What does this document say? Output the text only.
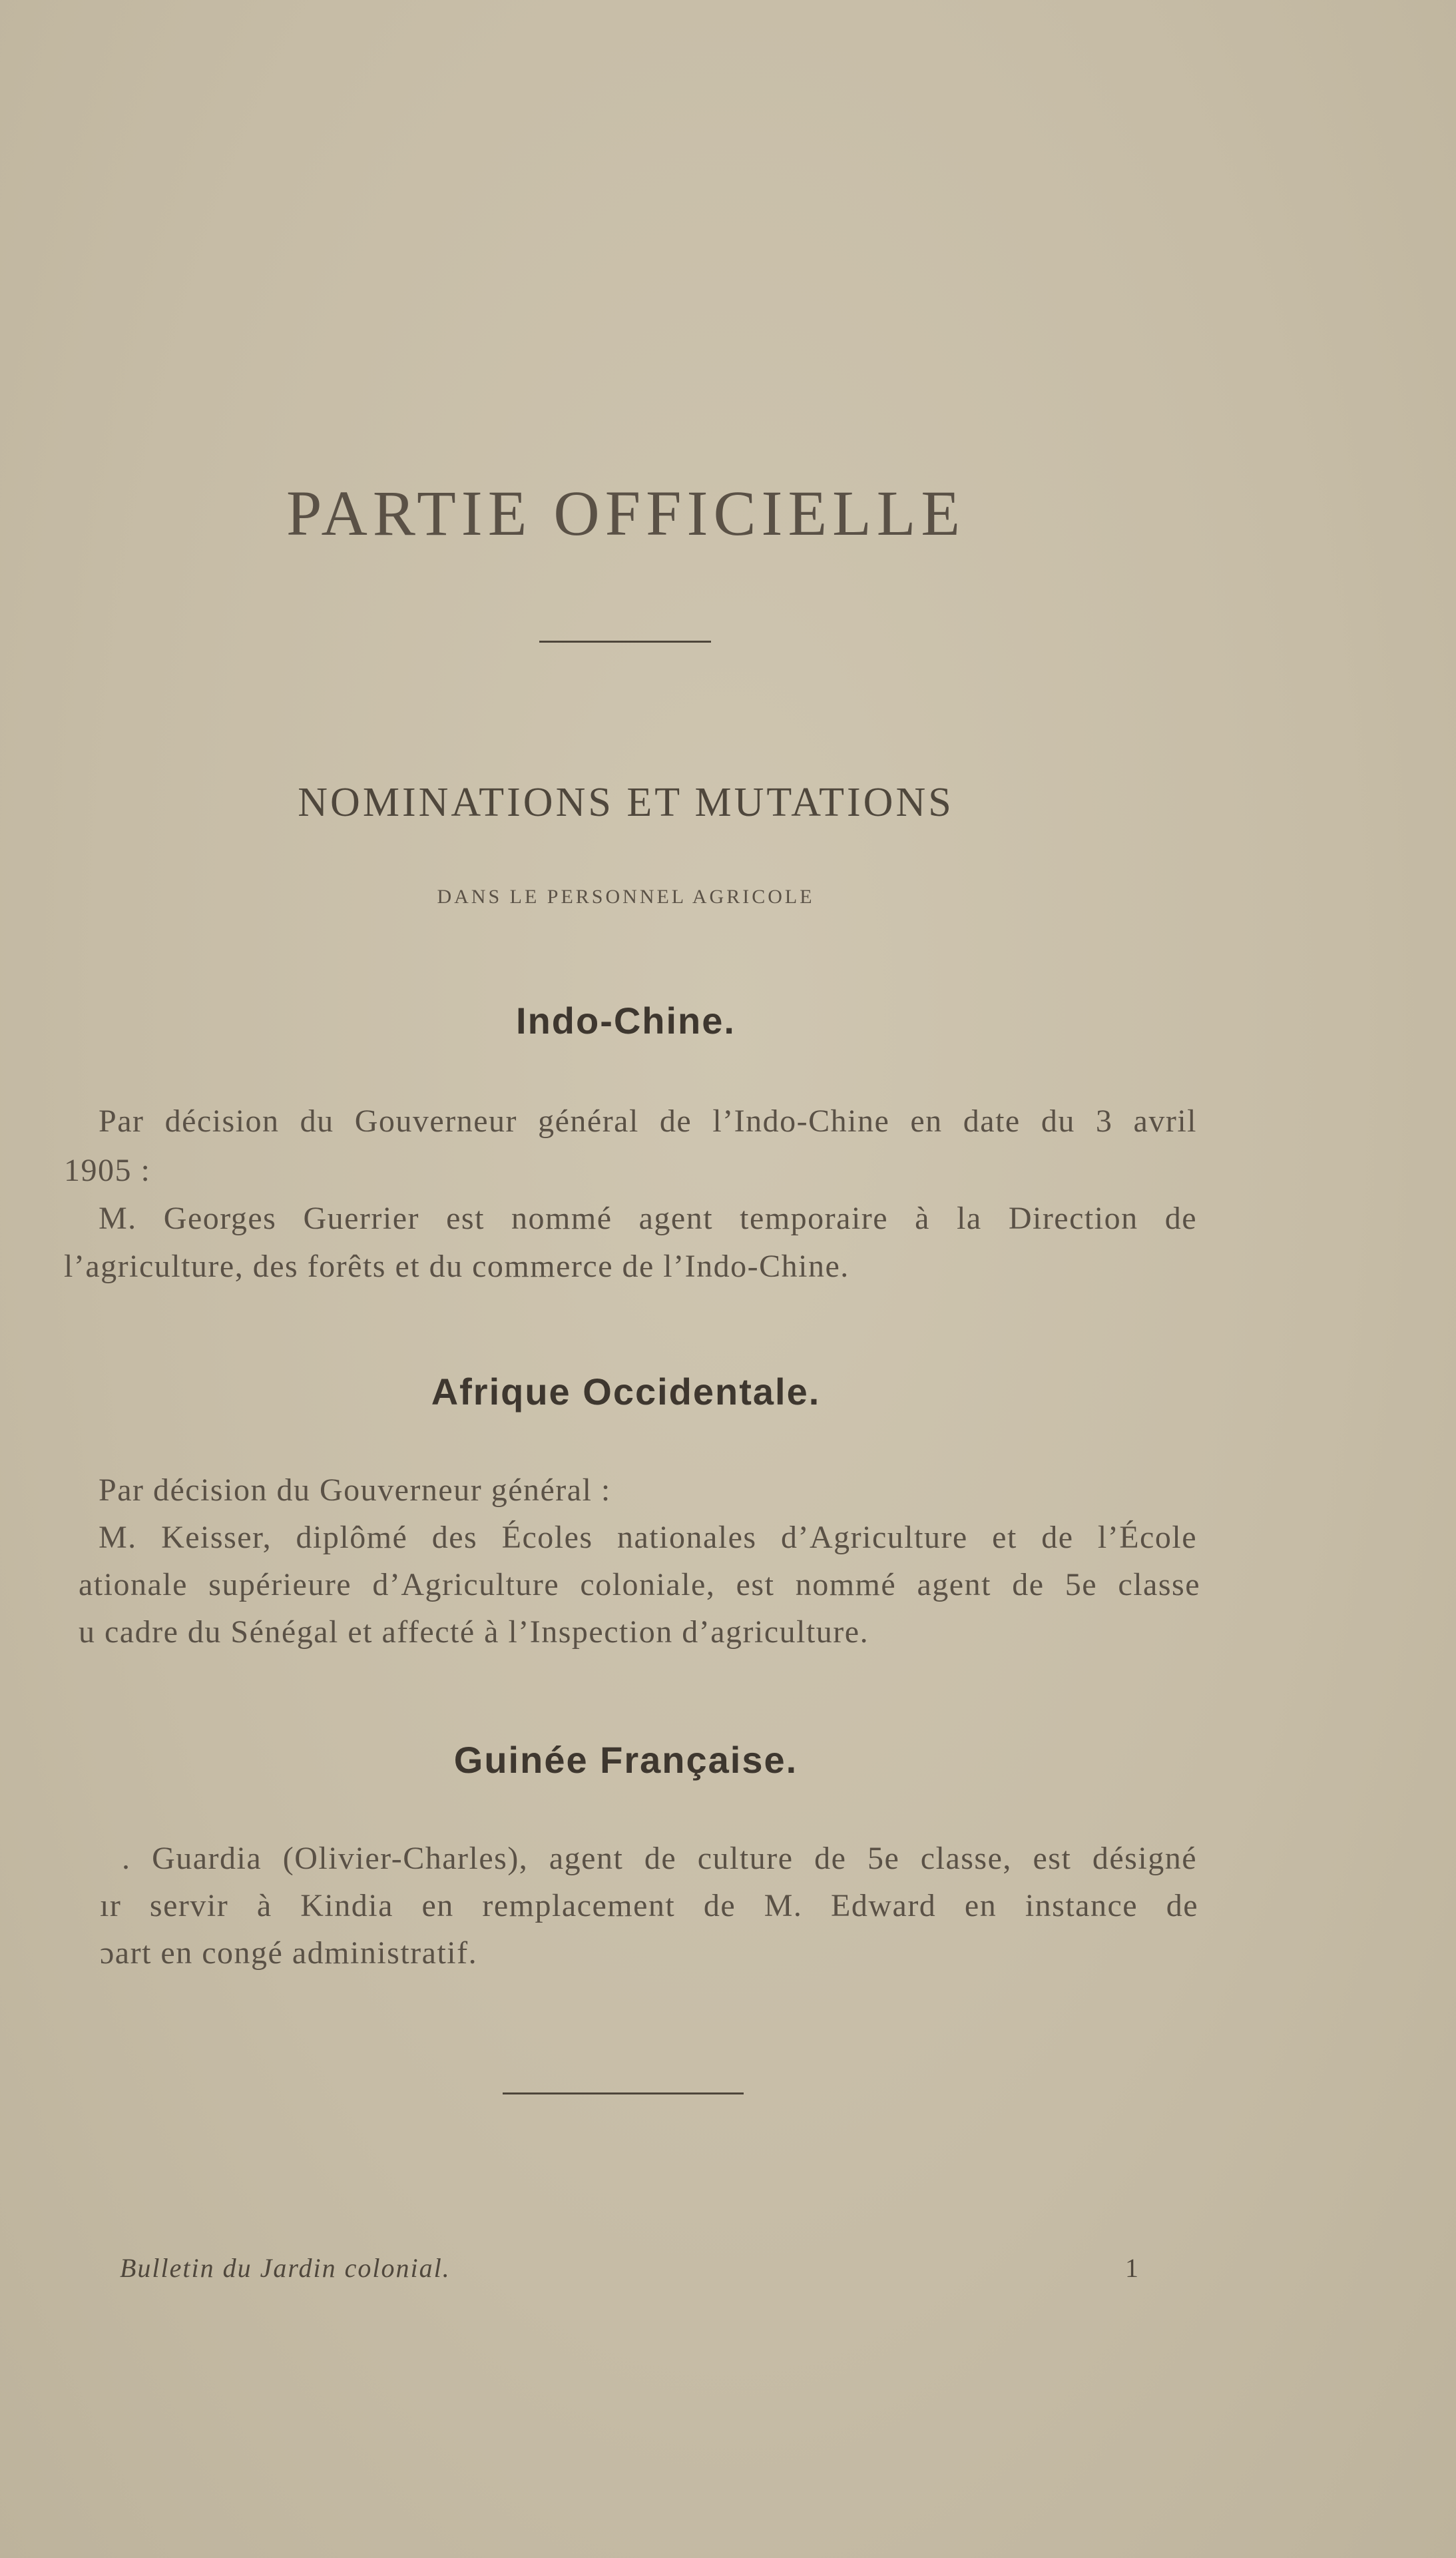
PARTIE OFFICIELLE
NOMINATIONS ET MUTATIONS
DANS LE PERSONNEL AGRICOLE
Indo-Chine.
Par décision du Gouverneur général de l’Indo-Chine en date du 3 avril
1905 :
M. Georges Guerrier est nommé agent temporaire à la Direction de
l’agriculture, des forêts et du commerce de l’Indo-Chine.
Afrique Occidentale.
Par décision du Gouverneur général :
M. Keisser, diplômé des Écoles nationales d’Agriculture et de l’École
ationale supérieure d’Agriculture coloniale, est nommé agent de 5e classe
u cadre du Sénégal et affecté à l’Inspection d’agriculture.
Guinée Française.
. Guardia (Olivier-Charles), agent de culture de 5e classe, est désigné
ır servir à Kindia en remplacement de M. Edward en instance de
ɔart en congé administratif.
Bulletin du Jardin colonial.	1
